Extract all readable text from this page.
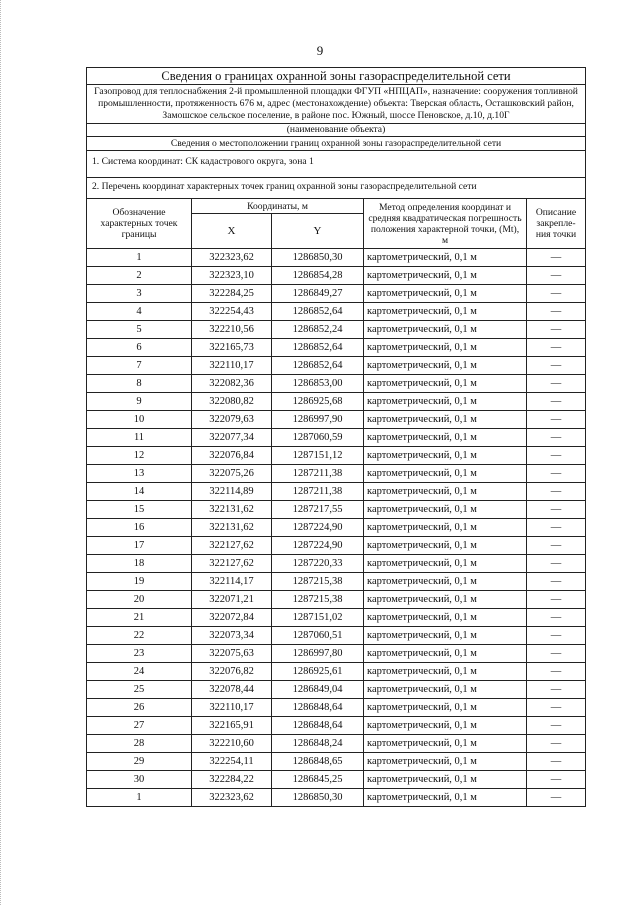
9
Сведения о границах охранной зоны газораспределительной сети				
Газопровод для теплоснабжения 2-й промышленной площадки ФГУП «НПЦАП», назначение: сооружения топливной промышленности, протяженность 676 м, адрес (местонахождение) объекта: Тверская область, Осташковский район, Замошское сельское поселение, в районе пос. Южный, шоссе Пеновское, д.10, д.10Г				
(наименование объекта)				
Сведения о местоположении границ охранной зоны газораспределительной сети				
1. Система координат: СК кадастрового округа, зона 1				
2. Перечень координат характерных точек границ охранной зоны газораспределительной сети				
Обозначение характерных точек границы	Координаты, м		Метод определения координат и средняя квадратическая погрешность положения характерной точки, (Mt), м	Описание закрепле-ния точки
	X	Y		
1	322323,62	1286850,30	картометрический, 0,1 м	—
2	322323,10	1286854,28	картометрический, 0,1 м	—
3	322284,25	1286849,27	картометрический, 0,1 м	—
4	322254,43	1286852,64	картометрический, 0,1 м	—
5	322210,56	1286852,24	картометрический, 0,1 м	—
6	322165,73	1286852,64	картометрический, 0,1 м	—
7	322110,17	1286852,64	картометрический, 0,1 м	—
8	322082,36	1286853,00	картометрический, 0,1 м	—
9	322080,82	1286925,68	картометрический, 0,1 м	—
10	322079,63	1286997,90	картометрический, 0,1 м	—
11	322077,34	1287060,59	картометрический, 0,1 м	—
12	322076,84	1287151,12	картометрический, 0,1 м	—
13	322075,26	1287211,38	картометрический, 0,1 м	—
14	322114,89	1287211,38	картометрический, 0,1 м	—
15	322131,62	1287217,55	картометрический, 0,1 м	—
16	322131,62	1287224,90	картометрический, 0,1 м	—
17	322127,62	1287224,90	картометрический, 0,1 м	—
18	322127,62	1287220,33	картометрический, 0,1 м	—
19	322114,17	1287215,38	картометрический, 0,1 м	—
20	322071,21	1287215,38	картометрический, 0,1 м	—
21	322072,84	1287151,02	картометрический, 0,1 м	—
22	322073,34	1287060,51	картометрический, 0,1 м	—
23	322075,63	1286997,80	картометрический, 0,1 м	—
24	322076,82	1286925,61	картометрический, 0,1 м	—
25	322078,44	1286849,04	картометрический, 0,1 м	—
26	322110,17	1286848,64	картометрический, 0,1 м	—
27	322165,91	1286848,64	картометрический, 0,1 м	—
28	322210,60	1286848,24	картометрический, 0,1 м	—
29	322254,11	1286848,65	картометрический, 0,1 м	—
30	322284,22	1286845,25	картометрический, 0,1 м	—
1	322323,62	1286850,30	картометрический, 0,1 м	—
